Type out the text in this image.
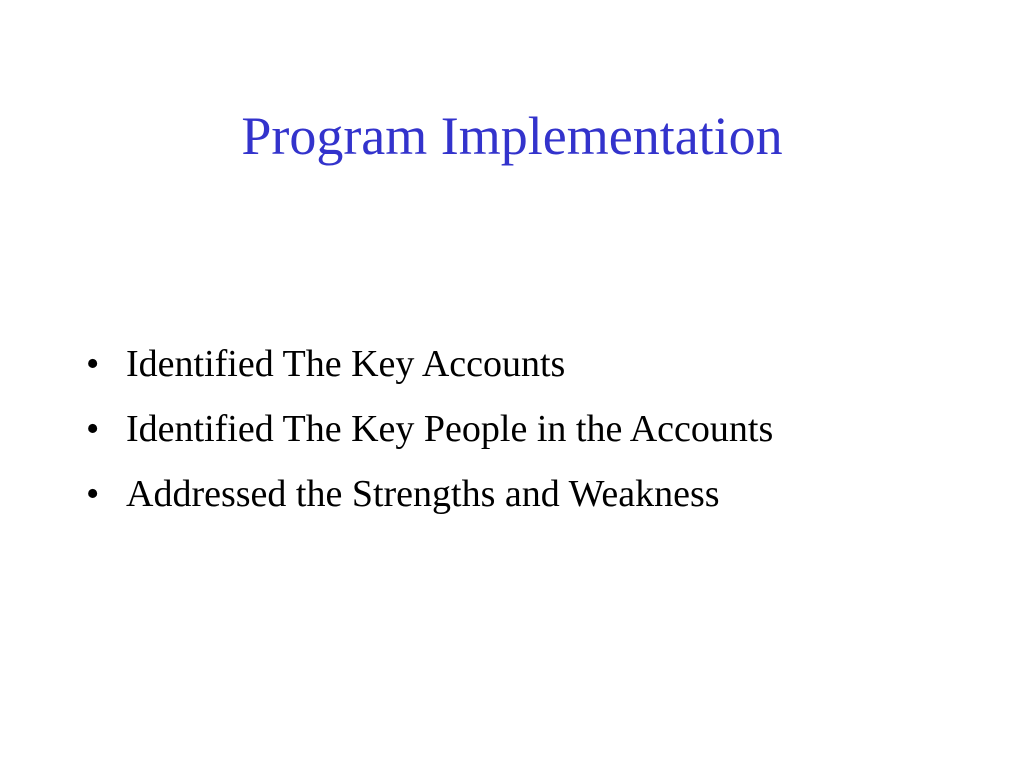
Program Implementation
• Identified The Key Accounts
• Identified The Key People in the Accounts
• Addressed the Strengths and Weakness
